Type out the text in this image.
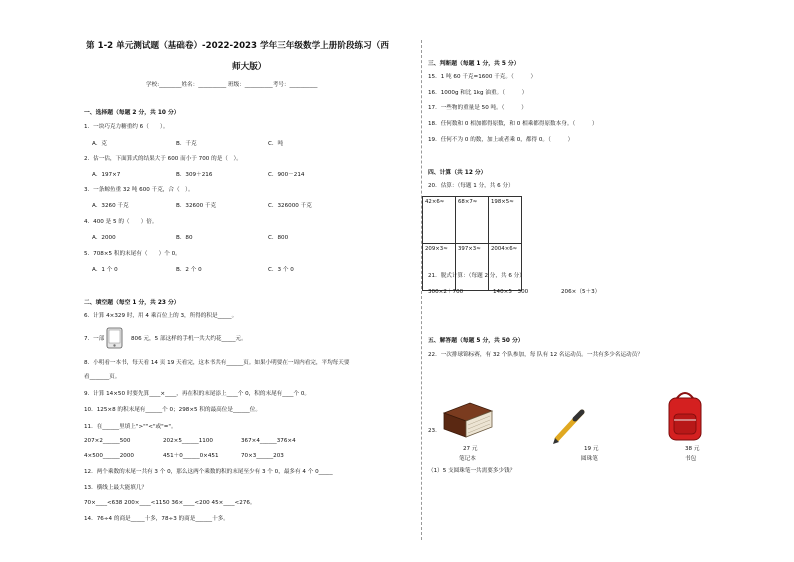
第 1-2 单元测试题（基础卷）-2022-2023 学年三年级数学上册阶段练习（西
师大版）
学校:________姓名：__________ 班级：__________考号：__________
一、选择题（每题 2 分，共 10 分）
1．一块巧克力糖重约 6（　　）。
A．克	B．千克	C．吨
2．估一估，下面算式的结果大于 600 而小于 700 的是（　）。
A．197×7	B．309＋216	C．900－214
3．一条鲸鱼重 32 吨 600 千克，合（　）。
A．3260 千克	B．32600 千克	C．326000 千克
4．400 是 5 的（　　）倍。
A．2000	B．80	C．800
5．708×5 积的末尾有（　　）个 0。
A．1 个 0	B．2 个 0	C．3 个 0
二、填空题（每空 1 分，共 23 分）
6．计算 4×329 时，用 4 乘百位上的 3，所得的积是_____。
7．一部	806 元，5 部这样的手机一共大约花_____元。
8．小明看一本书，每天看 14 页 19 天看完，这本书共有______页。如果小明要在一周内看完，平均每天要
看_______页。
9．计算 14×50 时要先算____×____，再在积的末尾添上____个 0，积的末尾有____个 0。
10．125×8 的积末尾有______个 0；298×5 积的最高位是______位。
11．在______里填上">""<"或"="。
207×2______500	202×5______1100	367×4______376×4
4×500______2000	451＋0______0×451	70×3______203
12．两个乘数的末尾一共有 3 个 0，那么这两个乘数的积的末尾至少有 3 个 0，最多有 4 个 0_____
13．横线上最大能填几？
70×____<638 200×____<1150 36×____<200 45×____<276。
14．76÷4 的商是_____十多，78÷3 的商是______十多。
三、判断题（每题 1 分，共 5 分）
15．1 吨 60 千克=1600 千克。（　　　）
16．1000g 和比 1kg 油重。（　　　）
17．一些物的重量是 50 吨。（　　　）
18．任何数和 0 相加都得原数，和 0 相乘都得原数本身。（　　　）
19．任何不为 0 的数，加上或者乘 0，都得 0。（　　　）
四、计算（共 12 分）
20．估算：（每题 1 分，共 6 分）
42×6≈	68×7≈	198×5≈
209×3≈	397×3≈	2004×6≈
21．脱式计算：（每题 2 分，共 6 分）
300×2＋700	140×5－300	206×（5＋3）
五、解答题（每题 5 分，共 50 分）
22．一次排球锦标赛，有 32 个队参加，每 队有 12 名运动员。一共有多少名运动员？
23.
27 元
笔记本
19 元
圆珠笔
38 元
书包
（1）5 支圆珠笔一共需要多少钱？
